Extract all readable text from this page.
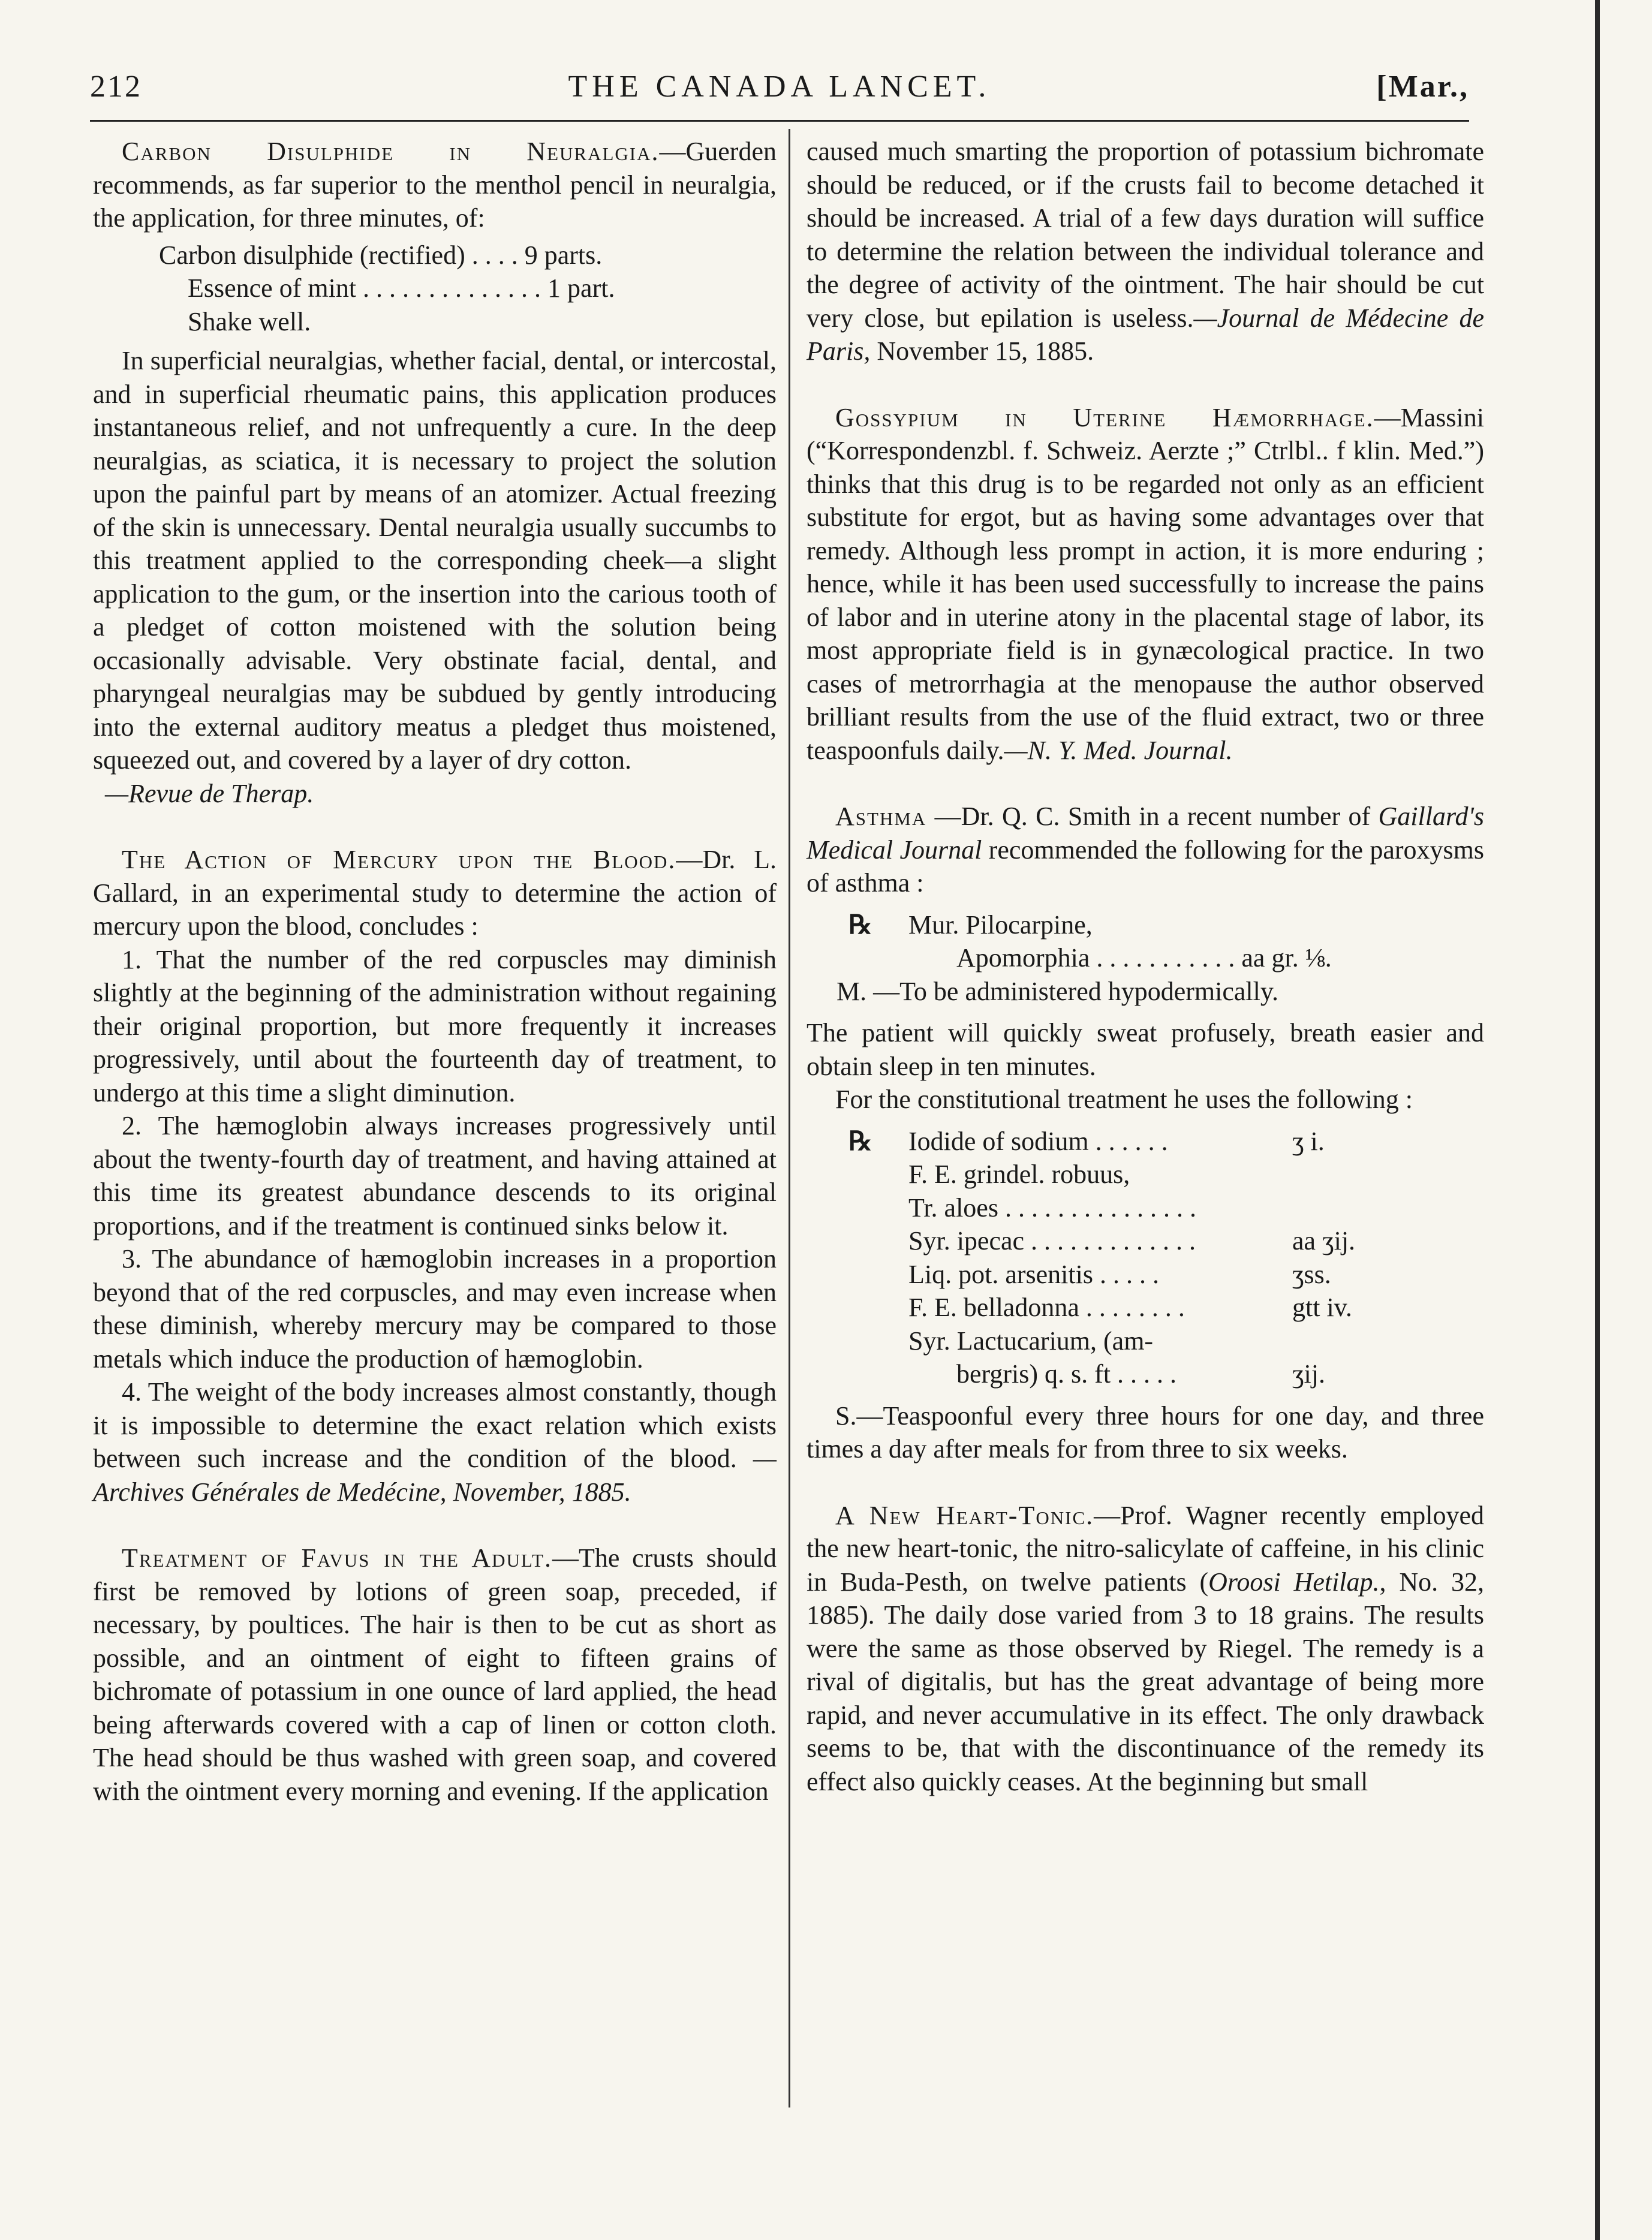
212	THE CANADA LANCET.	[Mar.,

Carbon Disulphide in Neuralgia.—Guerden recommends, as far superior to the menthol pencil in neuralgia, the application, for three minutes, of:

Carbon disulphide (rectified) . . . . 9 parts.
Essence of mint . . . . . . . . . . . . . . 1 part.
Shake well.

In superficial neuralgias, whether facial, dental, or intercostal, and in superficial rheumatic pains, this application produces instantaneous relief, and not unfrequently a cure. In the deep neuralgias, as sciatica, it is necessary to project the solution upon the painful part by means of an atomizer. Actual freezing of the skin is unnecessary. Dental neuralgia usually succumbs to this treatment applied to the corresponding cheek—a slight application to the gum, or the insertion into the carious tooth of a pledget of cotton moistened with the solution being occasionally advisable. Very obstinate facial, dental, and pharyngeal neuralgias may be subdued by gently introducing into the external auditory meatus a pledget thus moistened, squeezed out, and covered by a layer of dry cotton.

—Revue de Therap.

The Action of Mercury upon the Blood.—Dr. L. Gallard, in an experimental study to determine the action of mercury upon the blood, concludes :

1. That the number of the red corpuscles may diminish slightly at the beginning of the administration without regaining their original proportion, but more frequently it increases progressively, until about the fourteenth day of treatment, to undergo at this time a slight diminution.

2. The hæmoglobin always increases progressively until about the twenty-fourth day of treatment, and having attained at this time its greatest abundance descends to its original proportions, and if the treatment is continued sinks below it.

3. The abundance of hæmoglobin increases in a proportion beyond that of the red corpuscles, and may even increase when these diminish, whereby mercury may be compared to those metals which induce the production of hæmoglobin.

4. The weight of the body increases almost constantly, though it is impossible to determine the exact relation which exists between such increase and the condition of the blood. —Archives Générales de Medécine, November, 1885.

Treatment of Favus in the Adult.—The crusts should first be removed by lotions of green soap, preceded, if necessary, by poultices. The hair is then to be cut as short as possible, and an ointment of eight to fifteen grains of bichromate of potassium in one ounce of lard applied, the head being afterwards covered with a cap of linen or cotton cloth. The head should be thus washed with green soap, and covered with the ointment every morning and evening. If the application

caused much smarting the proportion of potassium bichromate should be reduced, or if the crusts fail to become detached it should be increased. A trial of a few days duration will suffice to determine the relation between the individual tolerance and the degree of activity of the ointment. The hair should be cut very close, but epilation is useless.—Journal de Médecine de Paris, November 15, 1885.

Gossypium in Uterine Hæmorrhage.—Massini (“Korrespondenzbl. f. Schweiz. Aerzte ;” Ctrlbl.. f klin. Med.”) thinks that this drug is to be regarded not only as an efficient substitute for ergot, but as having some advantages over that remedy. Although less prompt in action, it is more enduring ; hence, while it has been used successfully to increase the pains of labor and in uterine atony in the placental stage of labor, its most appropriate field is in gynæcological practice. In two cases of metrorrhagia at the menopause the author observed brilliant results from the use of the fluid extract, two or three teaspoonfuls daily.—N. Y. Med. Journal.

Asthma —Dr. Q. C. Smith in a recent number of Gaillard's Medical Journal recommended the following for the paroxysms of asthma :

℞	Mur. Pilocarpine,
Apomorphia . . . . . . . . . . . aa gr. ⅛.
M. —To be administered hypodermically.

The patient will quickly sweat profusely, breath easier and obtain sleep in ten minutes.

For the constitutional treatment he uses the following :

℞	Iodide of sodium . . . . . .	ʒ i.
F. E. grindel. robuus,
Tr. aloes . . . . . . . . . . . . . . .
Syr. ipecac . . . . . . . . . . . . .	aa ʒij.
Liq. pot. arsenitis . . . . .	ʒss.
F. E. belladonna . . . . . . . .	gtt iv.
Syr. Lactucarium, (am-
bergris) q. s. ft . . . . .	ʒij.

S.—Teaspoonful every three hours for one day, and three times a day after meals for from three to six weeks.

A New Heart-Tonic.—Prof. Wagner recently employed the new heart-tonic, the nitro-salicylate of caffeine, in his clinic in Buda-Pesth, on twelve patients (Oroosi Hetilap., No. 32, 1885). The daily dose varied from 3 to 18 grains. The results were the same as those observed by Riegel. The remedy is a rival of digitalis, but has the great advantage of being more rapid, and never accumulative in its effect. The only drawback seems to be, that with the discontinuance of the remedy its effect also quickly ceases. At the beginning but small
